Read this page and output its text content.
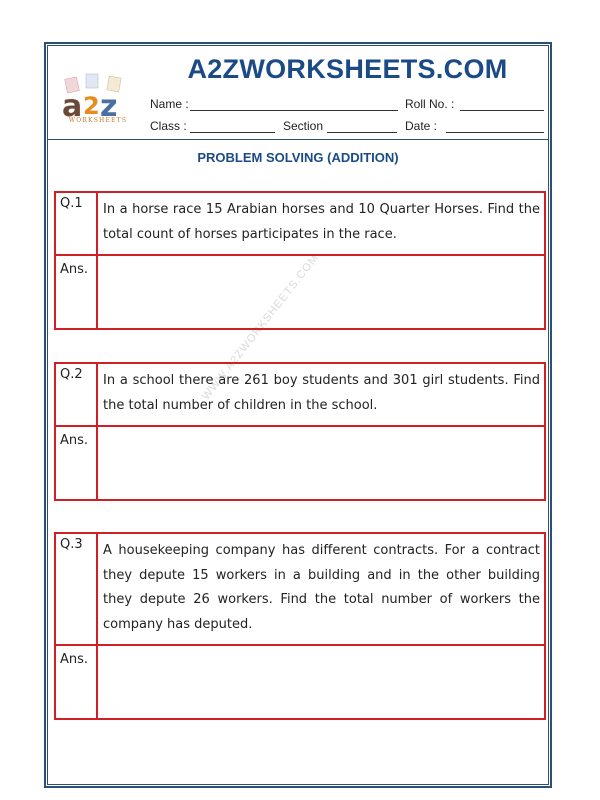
a 2 z
WORKSHEETS
A2ZWORKSHEETS.COM
Name :	Roll No. :
Class :	Section	Date :
PROBLEM SOLVING (ADDITION)
WWW.A2ZWORKSHEETS.COM
Q.1	In a horse race 15 Arabian horses and 10 Quarter Horses. Find the total count of horses participates in the race.
Ans.
Q.2	In a school there are 261 boy students and 301 girl students. Find the total number of children in the school.
Ans.
Q.3	A housekeeping company has different contracts. For a contract they depute 15 workers in a building and in the other building they depute 26 workers. Find the total number of workers the company has deputed.
Ans.
